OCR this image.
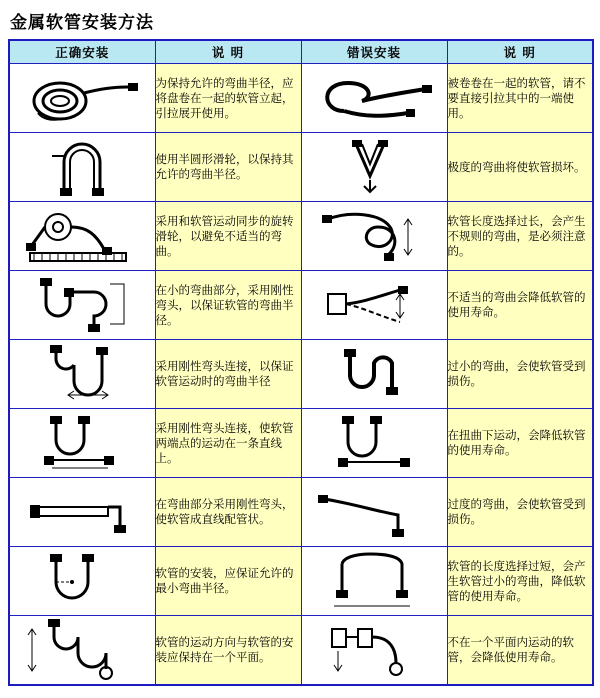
金属软管安装方法
正确安装	说 明	错误安装	说 明

	为保持允许的弯曲半径，应将盘卷在一起的软管立起，引拉展开使用。		被卷卷在一起的软管，请不要直接引拉其中的一端使用。

	使用半圆形滑轮，以保持其允许的弯曲半径。		极度的弯曲将使软管损坏。

	采用和软管运动同步的旋转滑轮，以避免不适当的弯曲。		软管长度选择过长，会产生不规则的弯曲，是必须注意的。

	在小的弯曲部分，采用刚性弯头，以保证软管的弯曲半径。		不适当的弯曲会降低软管的使用寿命。

	采用刚性弯头连接，以保证软管运动时的弯曲半径		过小的弯曲，会使软管受到损伤。

	采用刚性弯头连接，使软管两端点的运动在一条直线上。		在扭曲下运动，会降低软管的使用寿命。

	在弯曲部分采用刚性弯头，使软管成直线配管状。		过度的弯曲，会使软管受到损伤。

	软管的安装，应保证允许的最小弯曲半径。		软管的长度选择过短，会产生软管过小的弯曲，降低软管的使用寿命。

	软管的运动方向与软管的安装应保持在一个平面。		不在一个平面内运动的软管，会降低使用寿命。
